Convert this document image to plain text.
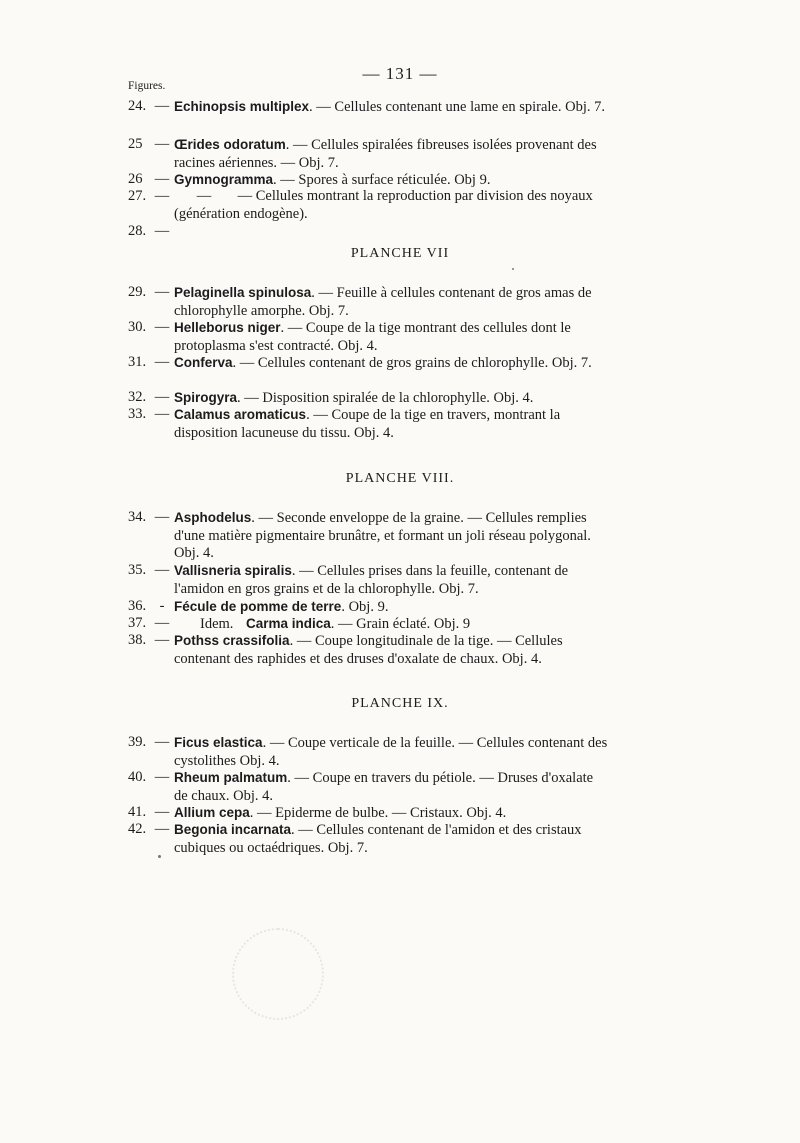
— 131 —
Figures.
24. — Echinopsis multiplex. — Cellules contenant une lame en spirale. Obj. 7.
25 — Œrides odoratum. — Cellules spiralées fibreuses isolées provenant des racines aériennes. — Obj. 7.
26 — Gymnogramma. — Spores à surface réticulée. Obj 9.
27. —	— — Cellules montrant la reproduction par division des noyaux (génération endogène).
28. —
PLANCHE VII
29. — Pelaginella spinulosa. — Feuille à cellules contenant de gros amas de chlorophylle amorphe. Obj. 7.
30. — Helleborus niger. — Coupe de la tige montrant des cellules dont le protoplasma s'est contracté. Obj. 4.
31. — Conferva. — Cellules contenant de gros grains de chlorophylle. Obj. 7.
32. — Spirogyra. — Disposition spiralée de la chlorophylle. Obj. 4.
33. — Calamus aromaticus. — Coupe de la tige en travers, montrant la disposition lacuneuse du tissu. Obj. 4.
PLANCHE VIII.
34. — Asphodelus. — Seconde enveloppe de la graine. — Cellules remplies d'une matière pigmentaire brunâtre, et formant un joli réseau polygonal. Obj. 4.
35. — Vallisneria spiralis. — Cellules prises dans la feuille, contenant de l'amidon en gros grains et de la chlorophylle. Obj. 7.
36. - Fécule de pomme de terre. Obj. 9.
37. — Idem.Carma indica. — Grain éclaté. Obj. 9
38. — Pothss crassifolia. — Coupe longitudinale de la tige. — Cellules contenant des raphides et des druses d'oxalate de chaux. Obj. 4.
PLANCHE IX.
39. — Ficus elastica. — Coupe verticale de la feuille. — Cellules contenant des cystolithes Obj. 4.
40. — Rheum palmatum. — Coupe en travers du pétiole. — Druses d'oxalate de chaux. Obj. 4.
41. — Allium cepa. — Epiderme de bulbe. — Cristaux. Obj. 4.
42. — Begonia incarnata. — Cellules contenant de l'amidon et des cristaux cubiques ou octaédriques. Obj. 7.
